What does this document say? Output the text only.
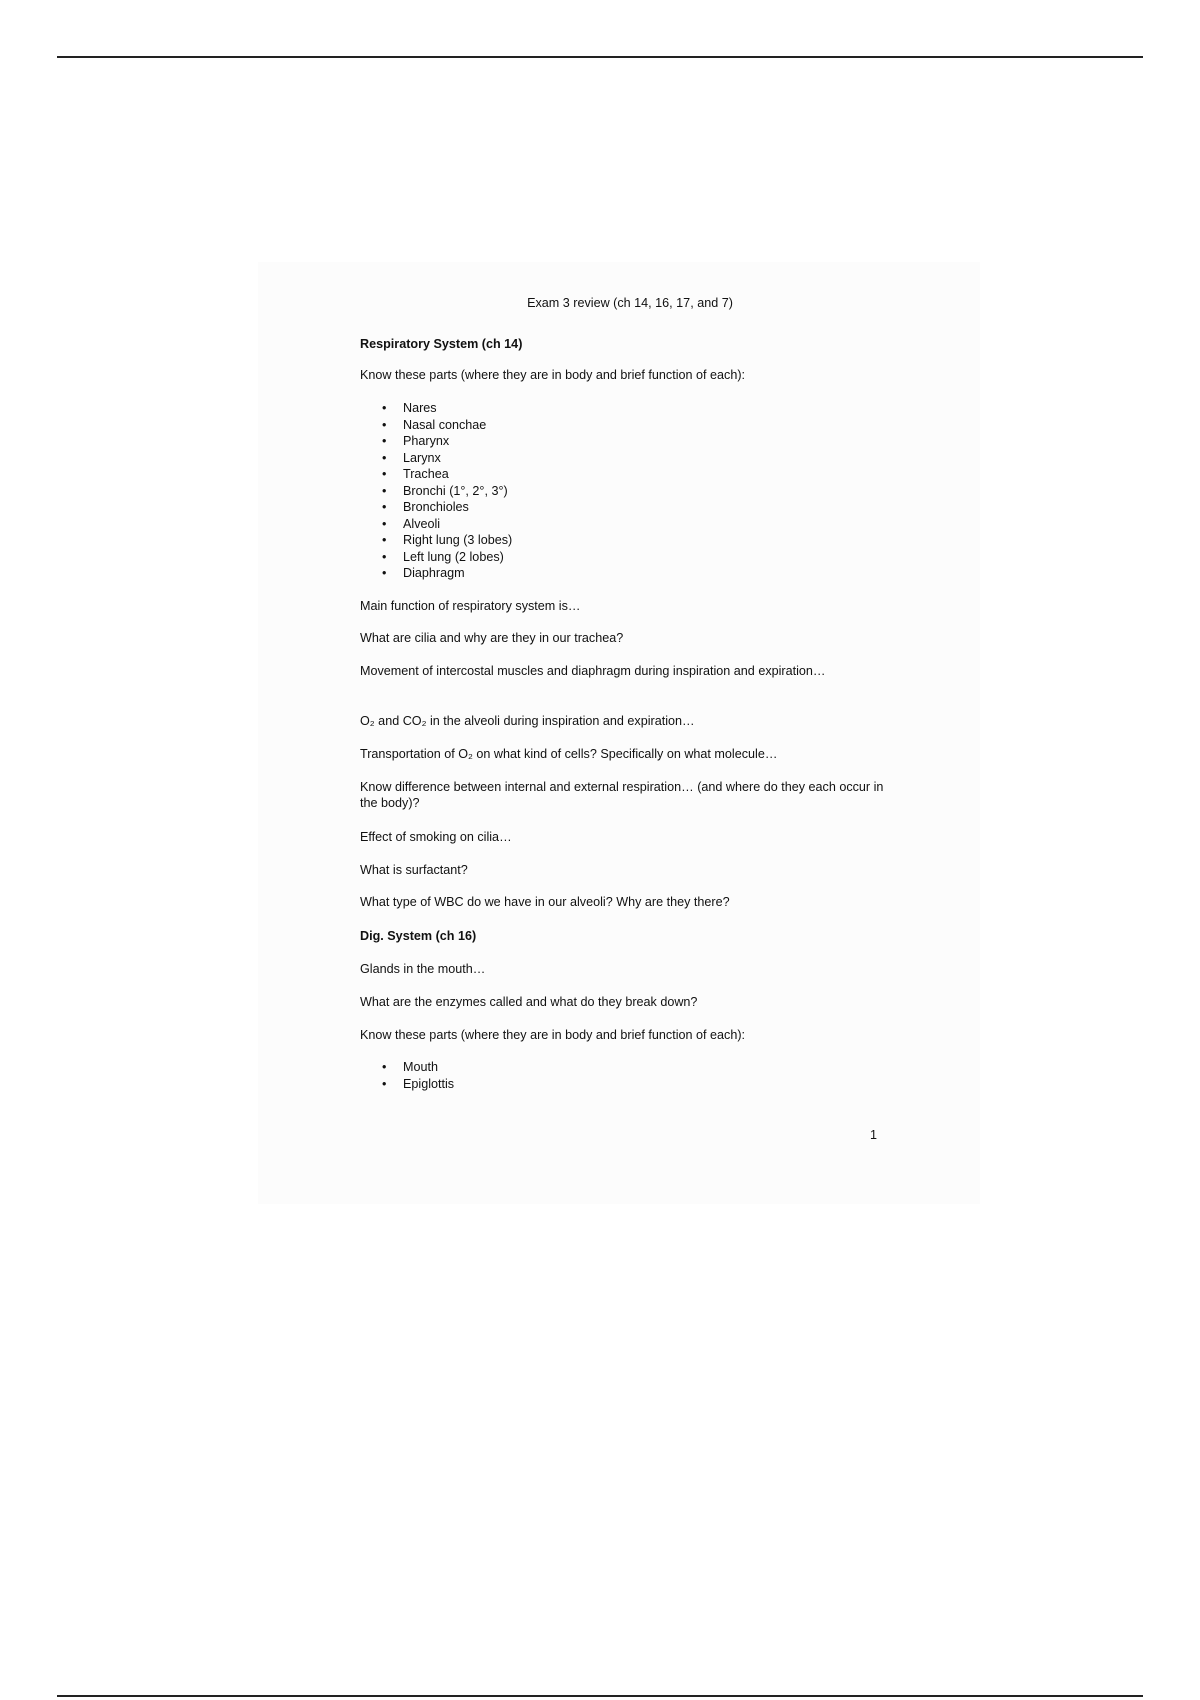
Exam 3 review (ch 14, 16, 17, and 7)

Respiratory System (ch 14)

Know these parts (where they are in body and brief function of each):

• Nares
• Nasal conchae
• Pharynx
• Larynx
• Trachea
• Bronchi (1°, 2°, 3°)
• Bronchioles
• Alveoli
• Right lung (3 lobes)
• Left lung (2 lobes)
• Diaphragm

Main function of respiratory system is…

What are cilia and why are they in our trachea?

Movement of intercostal muscles and diaphragm during inspiration and expiration…

O₂ and CO₂ in the alveoli during inspiration and expiration…

Transportation of O₂ on what kind of cells? Specifically on what molecule…

Know difference between internal and external respiration… (and where do they each occur in the body)?

Effect of smoking on cilia…

What is surfactant?

What type of WBC do we have in our alveoli? Why are they there?

Dig. System (ch 16)

Glands in the mouth…

What are the enzymes called and what do they break down?

Know these parts (where they are in body and brief function of each):

• Mouth
• Epiglottis
1
